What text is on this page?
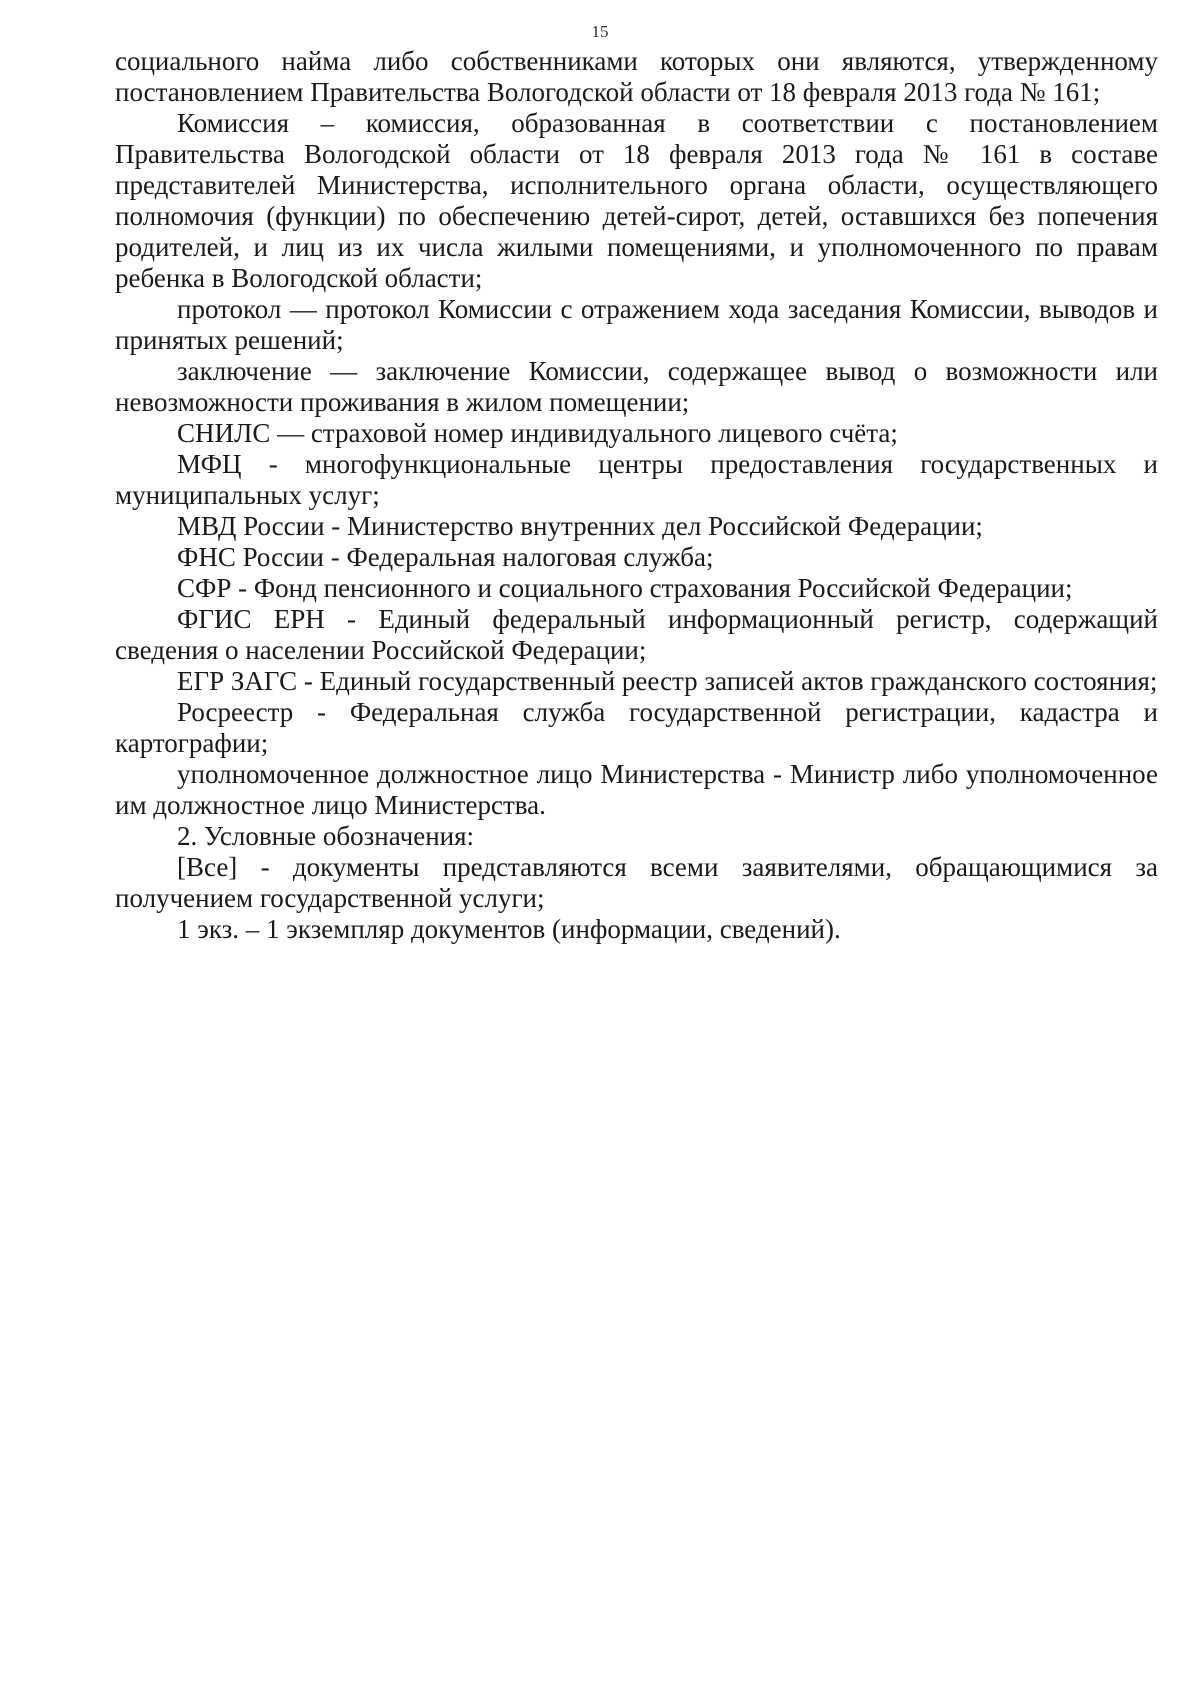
15

социального найма либо собственниками которых они являются, утвержденному постановлением Правительства Вологодской области от 18 февраля 2013 года № 161;

Комиссия – комиссия, образованная в соответствии с постановлением Правительства Вологодской области от 18 февраля 2013 года № 161 в составе представителей Министерства, исполнительного органа области, осуществляющего полномочия (функции) по обеспечению детей-сирот, детей, оставшихся без попечения родителей, и лиц из их числа жилыми помещениями, и уполномоченного по правам ребенка в Вологодской области;

протокол — протокол Комиссии с отражением хода заседания Комиссии, выводов и принятых решений;

заключение — заключение Комиссии, содержащее вывод о возможности или невозможности проживания в жилом помещении;

СНИЛС — страховой номер индивидуального лицевого счёта;

МФЦ - многофункциональные центры предоставления государственных и муниципальных услуг;

МВД России - Министерство внутренних дел Российской Федерации;

ФНС России - Федеральная налоговая служба;

СФР - Фонд пенсионного и социального страхования Российской Федерации;

ФГИС ЕРН - Единый федеральный информационный регистр, содержащий сведения о населении Российской Федерации;

ЕГР ЗАГС - Единый государственный реестр записей актов гражданского состояния;

Росреестр - Федеральная служба государственной регистрации, кадастра и картографии;

уполномоченное должностное лицо Министерства - Министр либо уполномоченное им должностное лицо Министерства.

2. Условные обозначения:

[Все] - документы представляются всеми заявителями, обращающимися за получением государственной услуги;

1 экз. – 1 экземпляр документов (информации, сведений).
